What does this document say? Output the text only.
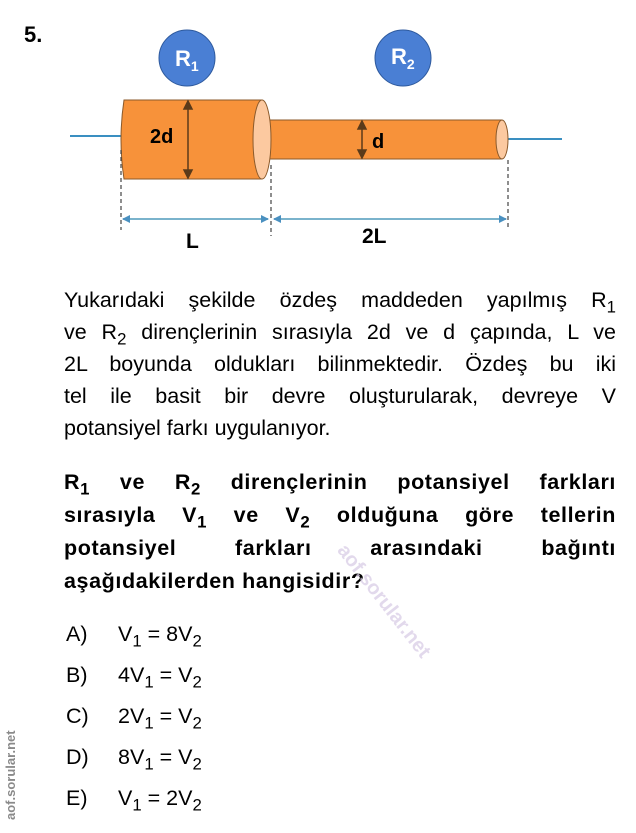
5.
2d	d
L	2L
$R_1$	$R_2$
Yukarıdaki şekilde özdeş maddeden yapılmış $R_1$
ve $R_2$ dirençlerinin sırasıyla 2d ve d çapında, L ve
2L boyunda oldukları bilinmektedir. Özdeş bu iki
tel ile basit bir devre oluşturularak, devreye V
potansiyel farkı uygulanıyor.
$R_1$ ve $R_2$ dirençlerinin potansiyel farkları
sırasıyla $V_1$ ve $V_2$ olduğuna göre tellerin
potansiyel farkları arasındaki bağıntı
aşağıdakilerden hangisidir?
A)	$V_1 = 8V_2$
B)	$4V_1 = V_2$
C)	$2V_1 = V_2$
D)	$8V_1 = V_2$
E)	$V_1 = 2V_2$
aof.sorular.net
aof.sorular.net
